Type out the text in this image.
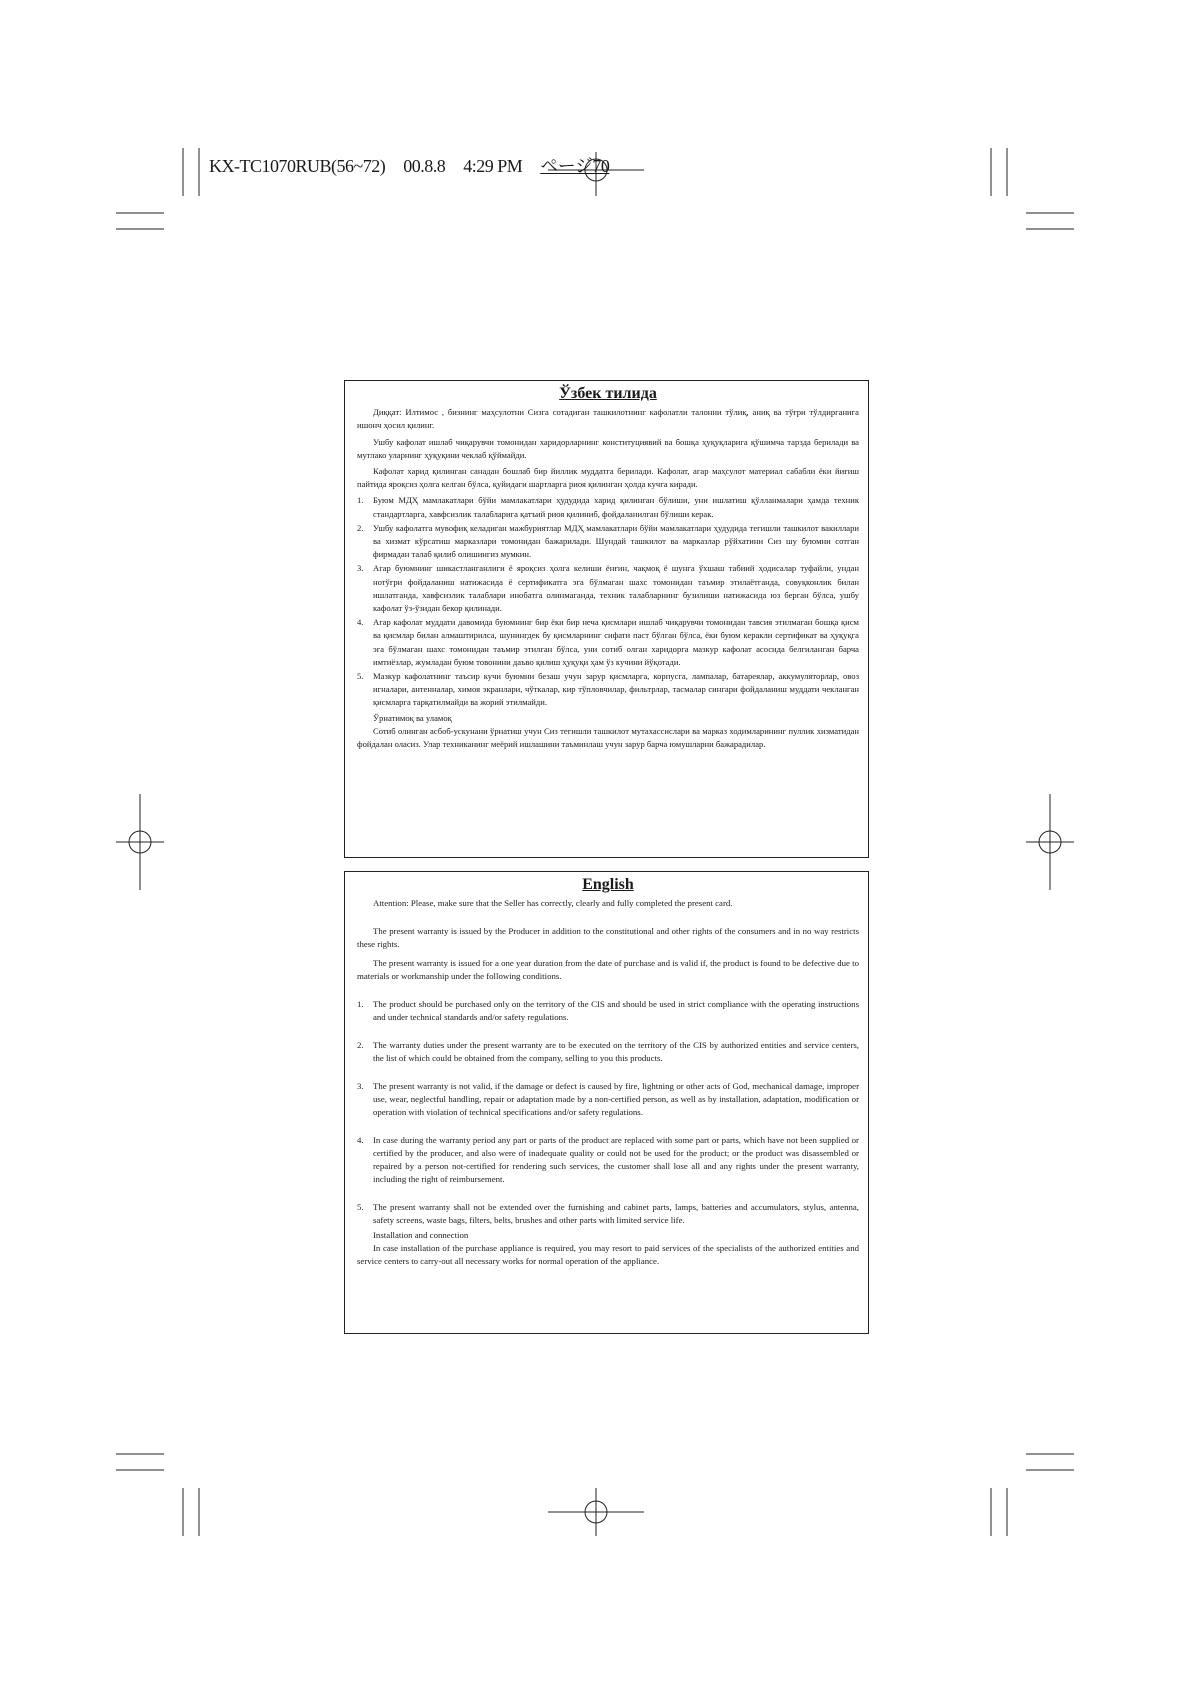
KX-TC1070RUB(56~72) 00.8.8 4:29 PM ページ70
Ўзбек тилида

Диққат: Илтимос , бизнинг маҳсулотни Сизга сотадиган ташкилотнинг кафолатли талонни тўлиқ, аниқ ва тўғри тўлдирганига ишонч ҳосил қилинг.

Ушбу кафолат ишлаб чиқарувчи томонидан харидорларнинг конституциявий ва бошқа ҳуқуқларига қўшимча тарзда берилади ва мутлако уларнинг ҳуқуқини чеклаб қўймайди.

Кафолат харид қилинган санадан бошлаб бир йиллик муддатга берилади. Кафолат, агар маҳсулот материал сабабли ёки йиғиш пайтида яроқсиз ҳолга келган бўлса, қуйидаги шартларга риоя қилинган ҳолда кучга киради.

1. Буюм МДҲ мамлакатлари бўйи мамлакатлари ҳудудида харид қилинган бўлиши, уни ишлатиш қўлланмалари ҳамда техник стандартларга, хавфсизлик талабларига қатъий риоя қилиниб, фойдаланилган бўлиши керак.
2. Ушбу кафолатга мувофиқ келадиган мажбуриятлар МДҲ мамлакатлари бўйи мамлакатлари ҳудудида тегишли ташкилот вакиллари ва хизмат кўрсатиш марказлари томонидан бажарилади. Шундай ташкилот ва марказлар рўйхатини Сиз шу буюмни сотган фирмадан талаб қилиб олишингиз мумкин.
3. Агар буюмнинг шикастланганлиги ё яроқсиз ҳолга келиши ёнғин, чақмоқ ё шунга ўхшаш табиий ҳодисалар туфайли, ундан нотўғри фойдаланиш натижасида ё сертификатга эга бўлмаган шахс томонидан таъмир этилаётганда, совуқконлик билан ишлатганда, хавфсизлик талаблари инобатга олинмаганда, техник талабларнинг бузилиши натижасида юз берган бўлса, ушбу кафолат ўз-ўзидан бекор қилинади.
4. Агар кафолат муддати давомида буюмнинг бир ёки бир неча қисмлари ишлаб чиқарувчи томонидан тавсия этилмаган бошқа қисм ва қисмлар билан алмаштирилса, шунингдек бу қисмларнинг сифати паст бўлган бўлса, ёки буюм керакли сертификат ва ҳуқуқга эга бўлмаган шахс томонидан таъмир этилган бўлса, уни сотиб олган харидорга мазкур кафолат асосида белгиланган барча имтиёзлар, жумладан буюм товонини даъво қилиш ҳуқуқи ҳам ўз кучини йўқотади.
5. Мазкур кафолатнинг таъсир кучи буюмни безаш учун зарур қисмларга, корпусга, лампалар, батареялар, аккумуляторлар, овоз игналари, антенналар, химоя экранлари, чўткалар, кир тўпловчилар, фильтрлар, тасмалар сингари фойдаланиш муддати чекланган қисмларга тарқатилмайди ва жорий этилмайди.
Ўрнатимоқ ва уламоқ
Сотиб олинган асбоб-ускунани ўрнатиш учун Сиз тегишли ташкилот мутахассислари ва марказ ходимларининг пуллик хизматидан фойдалан оласиз. Улар техниканинг меёрий ишлашини таъминлаш учун зарур барча юмушларни бажарадилар.
English

Attention: Please, make sure that the Seller has correctly, clearly and fully completed the present card.

The present warranty is issued by the Producer in addition to the constitutional and other rights of the consumers and in no way restricts these rights.

The present warranty is issued for a one year duration from the date of purchase and is valid if, the product is found to be defective due to materials or workmanship under the following conditions.

1. The product should be purchased only on the territory of the CIS and should be used in strict compliance with the operating instructions and under technical standards and/or safety regulations.
2. The warranty duties under the present warranty are to be executed on the territory of the CIS by authorized entities and service centers, the list of which could be obtained from the company, selling to you this products.
3. The present warranty is not valid, if the damage or defect is caused by fire, lightning or other acts of God, mechanical damage, improper use, wear, neglectful handling, repair or adaptation made by a non-certified person, as well as by installation, adaptation, modification or operation with violation of technical specifications and/or safety regulations.
4. In case during the warranty period any part or parts of the product are replaced with some part or parts, which have not been supplied or certified by the producer, and also were of inadequate quality or could not be used for the product; or the product was disassembled or repaired by a person not-certified for rendering such services, the customer shall lose all and any rights under the present warranty, including the right of reimbursement.
5. The present warranty shall not be extended over the furnishing and cabinet parts, lamps, batteries and accumulators, stylus, antenna, safety screens, waste bags, filters, belts, brushes and other parts with limited service life.
Installation and connection
In case installation of the purchase appliance is required, you may resort to paid services of the specialists of the authorized entities and service centers to carry-out all necessary works for normal operation of the appliance.
